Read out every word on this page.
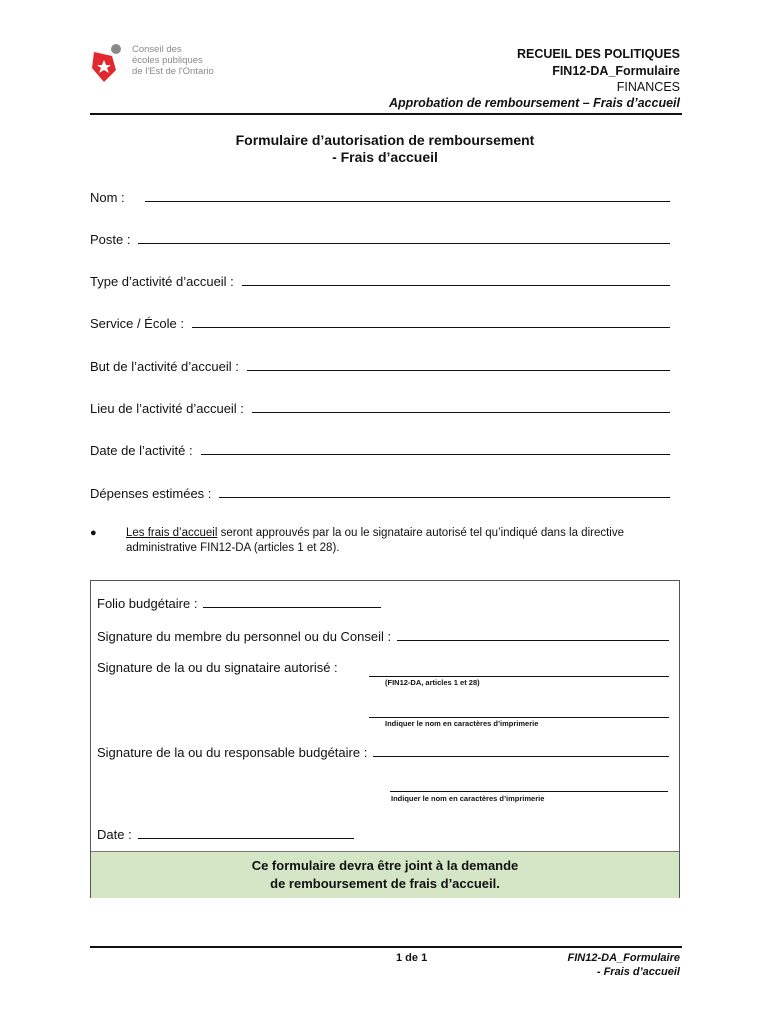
Conseil des
écoles publiques
de l'Est de l'Ontario
RECUEIL DES POLITIQUES
FIN12-DA_Formulaire
FINANCES
Approbation de remboursement – Frais d’accueil
Formulaire d’autorisation de remboursement
- Frais d’accueil
Nom :
Poste :
Type d’activité d’accueil :
Service / École :
But de l’activité d’accueil :
Lieu de l’activité d’accueil :
Date de l’activité :
Dépenses estimées :
●	Les frais d’accueil seront approuvés par la ou le signataire autorisé tel qu’indiqué dans la directive administrative FIN12-DA (articles 1 et 28).
Folio budgétaire :
Signature du membre du personnel ou du Conseil :
Signature de la ou du signataire autorisé :
(FIN12-DA, articles 1 et 28)
Indiquer le nom en caractères d’imprimerie
Signature de la ou du responsable budgétaire :
Indiquer le nom en caractères d’imprimerie
Date :
Ce formulaire devra être joint à la demande
de remboursement de frais d’accueil.
1 de 1	FIN12-DA_Formulaire
- Frais d’accueil
